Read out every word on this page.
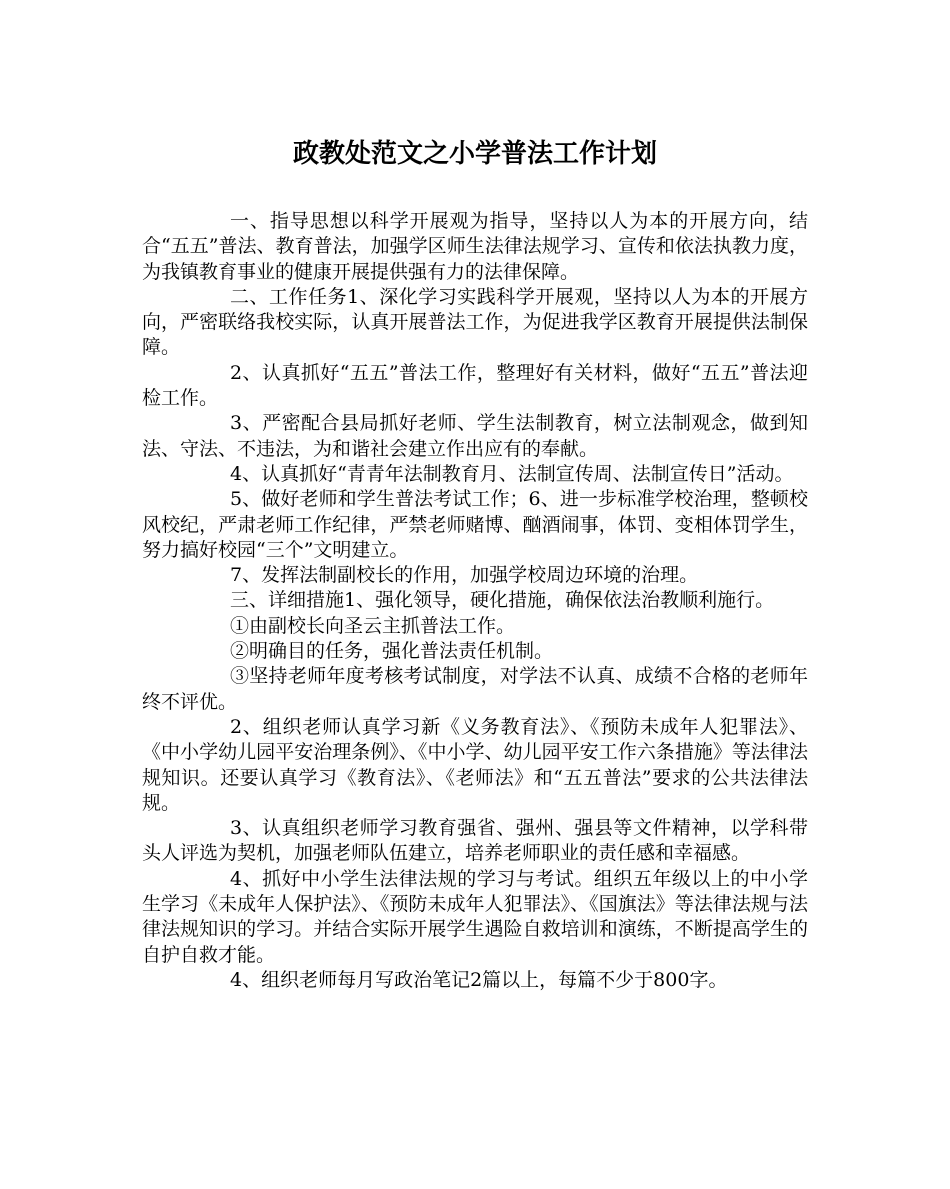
政教处范文之小学普法工作计划

一、指导思想以科学开展观为指导，坚持以人为本的开展方向，结合“五五”普法、教育普法，加强学区师生法律法规学习、宣传和依法执教力度，为我镇教育事业的健康开展提供强有力的法律保障。

二、工作任务1、深化学习实践科学开展观，坚持以人为本的开展方向，严密联络我校实际，认真开展普法工作，为促进我学区教育开展提供法制保障。

2、认真抓好“五五”普法工作，整理好有关材料，做好“五五”普法迎检工作。

3、严密配合县局抓好老师、学生法制教育，树立法制观念，做到知法、守法、不违法，为和谐社会建立作出应有的奉献。

4、认真抓好“青青年法制教育月、法制宣传周、法制宣传日”活动。

5、做好老师和学生普法考试工作；6、进一步标准学校治理，整顿校风校纪，严肃老师工作纪律，严禁老师赌博、酗酒闹事，体罚、变相体罚学生，努力搞好校园“三个”文明建立。

7、发挥法制副校长的作用，加强学校周边环境的治理。

三、详细措施1、强化领导，硬化措施，确保依法治教顺利施行。

①由副校长向圣云主抓普法工作。

②明确目的任务，强化普法责任机制。

③坚持老师年度考核考试制度，对学法不认真、成绩不合格的老师年终不评优。

2、组织老师认真学习新《义务教育法》、《预防未成年人犯罪法》、《中小学幼儿园平安治理条例》、《中小学、幼儿园平安工作六条措施》等法律法规知识。还要认真学习《教育法》、《老师法》和“五五普法”要求的公共法律法规。

3、认真组织老师学习教育强省、强州、强县等文件精神，以学科带头人评选为契机，加强老师队伍建立，培养老师职业的责任感和幸福感。

4、抓好中小学生法律法规的学习与考试。组织五年级以上的中小学生学习《未成年人保护法》、《预防未成年人犯罪法》、《国旗法》等法律法规与法律法规知识的学习。并结合实际开展学生遇险自救培训和演练，不断提高学生的自护自救才能。

4、组织老师每月写政治笔记2篇以上，每篇不少于800字。
